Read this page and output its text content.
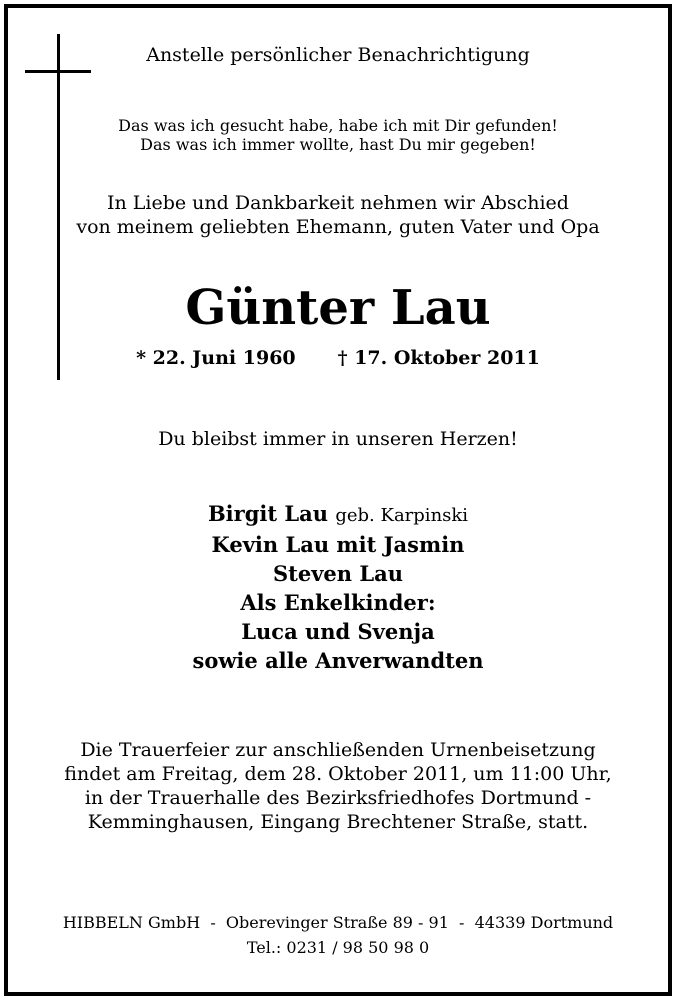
Anstelle persönlicher Benachrichtigung
Das was ich gesucht habe, habe ich mit Dir gefunden!
Das was ich immer wollte, hast Du mir gegeben!
In Liebe und Dankbarkeit nehmen wir Abschied
von meinem geliebten Ehemann, guten Vater und Opa
Günter Lau
* 22. Juni 1960 † 17. Oktober 2011
Du bleibst immer in unseren Herzen!
Birgit Lau geb. Karpinski
Kevin Lau mit Jasmin
Steven Lau
Als Enkelkinder:
Luca und Svenja
sowie alle Anverwandten
Die Trauerfeier zur anschließenden Urnenbeisetzung
findet am Freitag, dem 28. Oktober 2011, um 11:00 Uhr,
in der Trauerhalle des Bezirksfriedhofes Dortmund -
Kemminghausen, Eingang Brechtener Straße, statt.
HIBBELN GmbH  -  Oberevinger Straße 89 - 91  -  44339 Dortmund
Tel.: 0231 / 98 50 98 0
